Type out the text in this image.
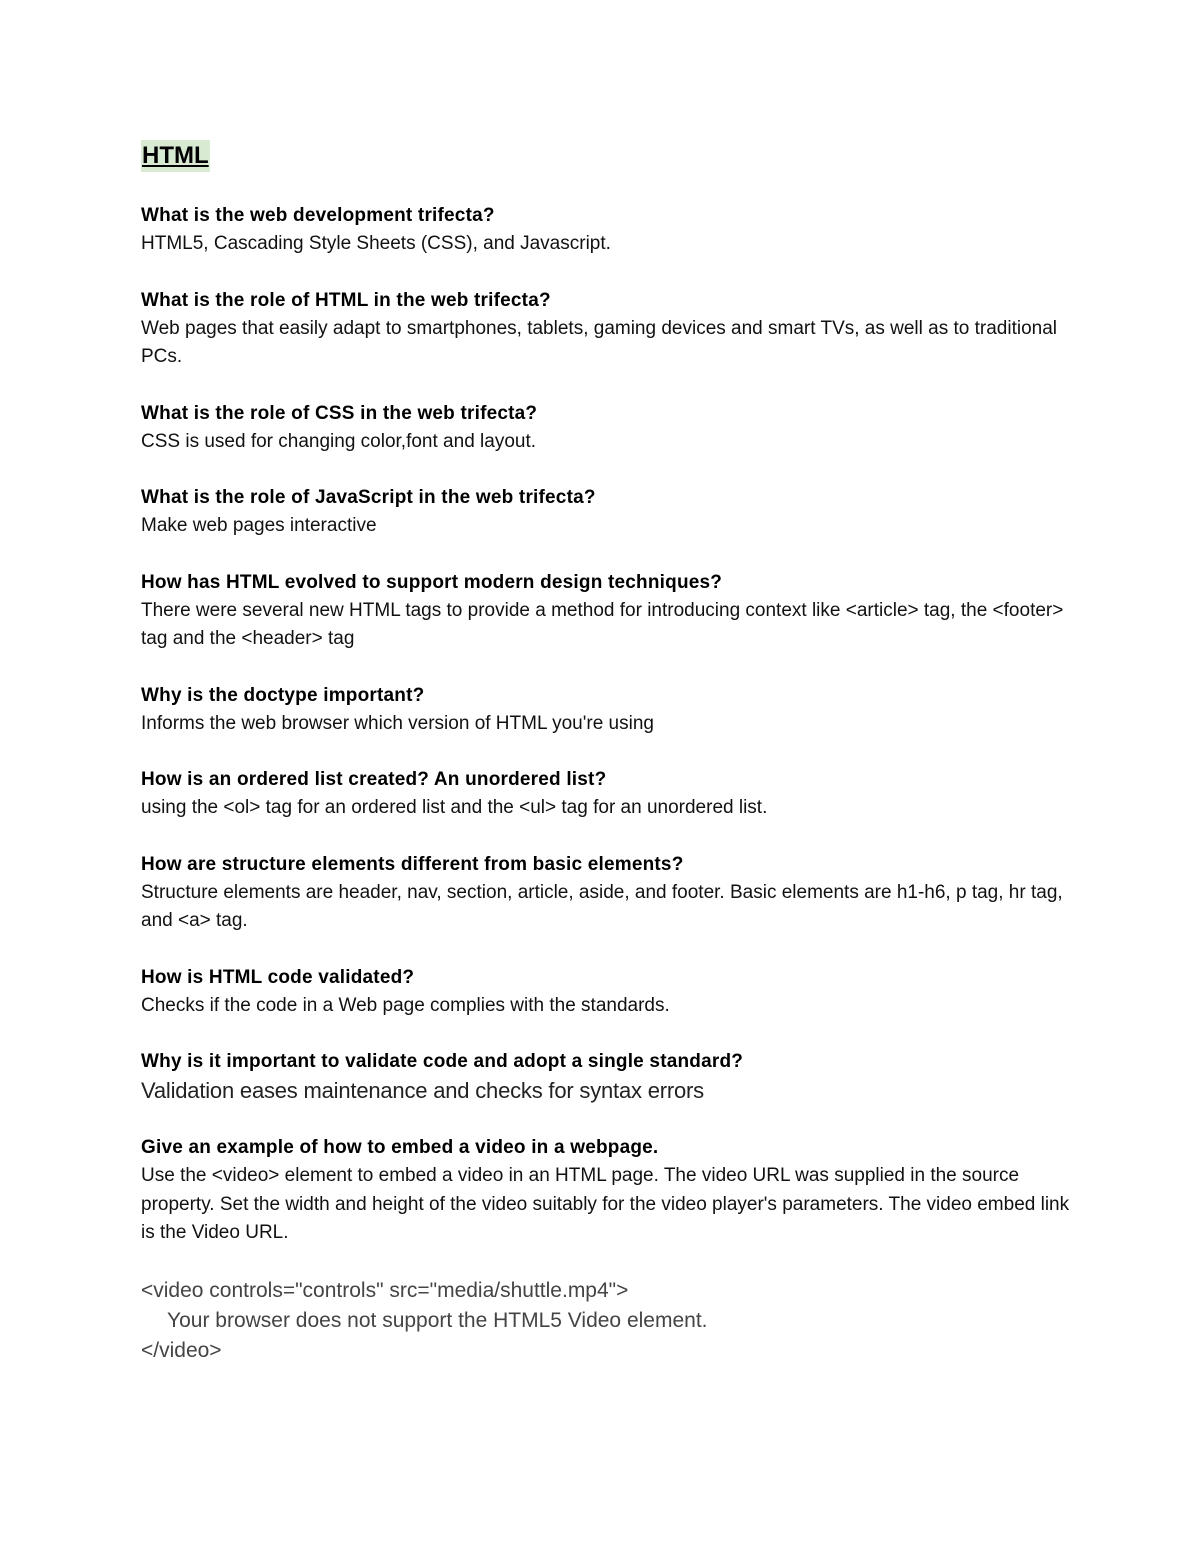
HTML
What is the web development trifecta?
HTML5, Cascading Style Sheets (CSS), and Javascript.
What is the role of HTML in the web trifecta?
Web pages that easily adapt to smartphones, tablets, gaming devices and smart TVs, as well as to traditional PCs.
What is the role of CSS in the web trifecta?
CSS is used for changing color,font and layout.
What is the role of JavaScript in the web trifecta?
Make web pages interactive
How has HTML evolved to support modern design techniques?
There were several new HTML tags to provide a method for introducing context like <article> tag, the <footer> tag and the <header> tag
Why is the doctype important?
Informs the web browser which version of HTML you're using
How is an ordered list created? An unordered list?
using the <ol> tag for an ordered list and the <ul> tag for an unordered list.
How are structure elements different from basic elements?
Structure elements are header, nav, section, article, aside, and footer. Basic elements are h1-h6, p tag, hr tag, and <a> tag.
How is HTML code validated?
Checks if the code in a Web page complies with the standards.
Why is it important to validate code and adopt a single standard?
Validation eases maintenance and checks for syntax errors
Give an example of how to embed a video in a webpage.
Use the <video> element to embed a video in an HTML page. The video URL was supplied in the source property. Set the width and height of the video suitably for the video player's parameters. The video embed link is the Video URL.
<video controls="controls" src="media/shuttle.mp4">
Your browser does not support the HTML5 Video element.
</video>
